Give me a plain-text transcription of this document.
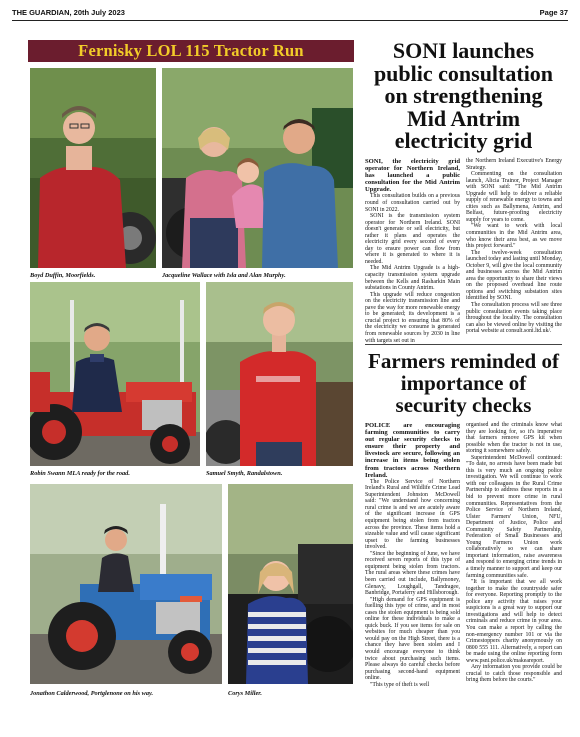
THE GUARDIAN, 20th July 2023	Page 37
Fernisky LOL 115 Tractor Run
Boyd Duffin, Moorfields.	Jacqueline Wallace with Isla and Alan Murphy.
Robin Swann MLA ready for the road.	Samuel Smyth, Randalstown.
Jonathon Calderwood, Portglenone on his way.	Corys Miller.
SONI launches public consultation on strengthening Mid Antrim electricity grid

SONI, the electricity grid operator for Northern Ireland, has launched a public consultation for the Mid Antrim Upgrade.

This consultation builds on a previous round of consultation carried out by SONI in 2022.

SONI is the transmission system operator for Northern Ireland. SONI doesn't generate or sell electricity, but rather it plans and operates the electricity grid every second of every day to ensure power can flow from where it is generated to where it is needed.

The Mid Antrim Upgrade is a high-capacity transmission system upgrade between the Kells and Rasharkin Main substations in County Antrim.

This upgrade will reduce congestion on the electricity transmission line and pave the way for more renewable energy to be generated; its development is a crucial project to ensuring that 80% of the electricity we consume is generated from renewable sources by 2030 in line with targets set out in

the Northern Ireland Executive's Energy Strategy.

Commenting on the consultation launch, Alicia Trainor, Project Manager with SONI said: "The Mid Antrim Upgrade will help to deliver a reliable supply of renewable energy to towns and cities such as Ballymena, Antrim, and Belfast, future-proofing electricity supply for years to come.

"We want to work with local communities in the Mid Antrim area, who know their area best, as we move this project forward."

The twelve-week consultation launched today and lasting until Monday, October 9, will give the local community and businesses across the Mid Antrim area the opportunity to share their views on the proposed overhead line route options and switching substation sites identified by SONI.

The consultation process will see three public consultation events taking place throughout the locality. The consultation can also be viewed online by visiting the portal website at consult.soni.ltd.uk/.

Farmers reminded of importance of security checks

POLICE are encouraging farming communities to carry out regular security checks to ensure their property and livestock are secure, following an increase in items being stolen from tractors across Northern Ireland.

The Police Service of Northern Ireland's Rural and Wildlife Crime Lead Superintendent Johnston McDowell said: "We understand how concerning rural crime is and we are acutely aware of the significant increase in GPS equipment being stolen from tractors across the province. These items hold a sizeable value and will cause significant upset to the farming businesses involved.

"Since the beginning of June, we have received seven reports of this type of equipment being stolen from tractors. The rural areas where these crimes have been carried out include, Ballymoney, Glenavy, Loughgall, Tandragee, Banbridge, Portaferry and Hillsborough.

"High demand for GPS equipment is fuelling this type of crime, and in most cases the stolen equipment is being sold online for these individuals to make a quick buck. If you see items for sale on websites for much cheaper than you would pay on the High Street, there is a chance they have been stolen and I would encourage everyone to think twice about purchasing such items. Please always do careful checks before purchasing second-hand equipment online.

"This type of theft is well

organised and the criminals know what they are looking for, so it's imperative that farmers remove GPS kit when possible when the tractor is not in use, storing it somewhere safely.

Superintendent McDowell continued: "To date, no arrests have been made but this is very much an ongoing police investigation. We will continue to work with our colleagues in the Rural Crime Partnership to address these reports in a bid to prevent more crime in rural communities. Representatives from the Police Service of Northern Ireland, Ulster Farmers' Union, NFU, Department of Justice, Police and Community Safety Partnership, Federation of Small Businesses and Young Farmers Union work collaboratively so we can share important information, raise awareness and respond to emerging crime trends in a timely manner to support and keep our farming communities safe.

"It is important that we all work together to make the countryside safer for everyone. Reporting promptly to the police any activity that raises your suspicions is a great way to support our investigations and will help to detect criminals and reduce crime in your area. You can make a report by calling the non-emergency number 101 or via the Crimestoppers charity anonymously on 0800 555 111. Alternatively, a report can be made using the online reporting form www.psni.police.uk/makeareport.

Any information you provide could be crucial to catch those responsible and bring them before the courts."
